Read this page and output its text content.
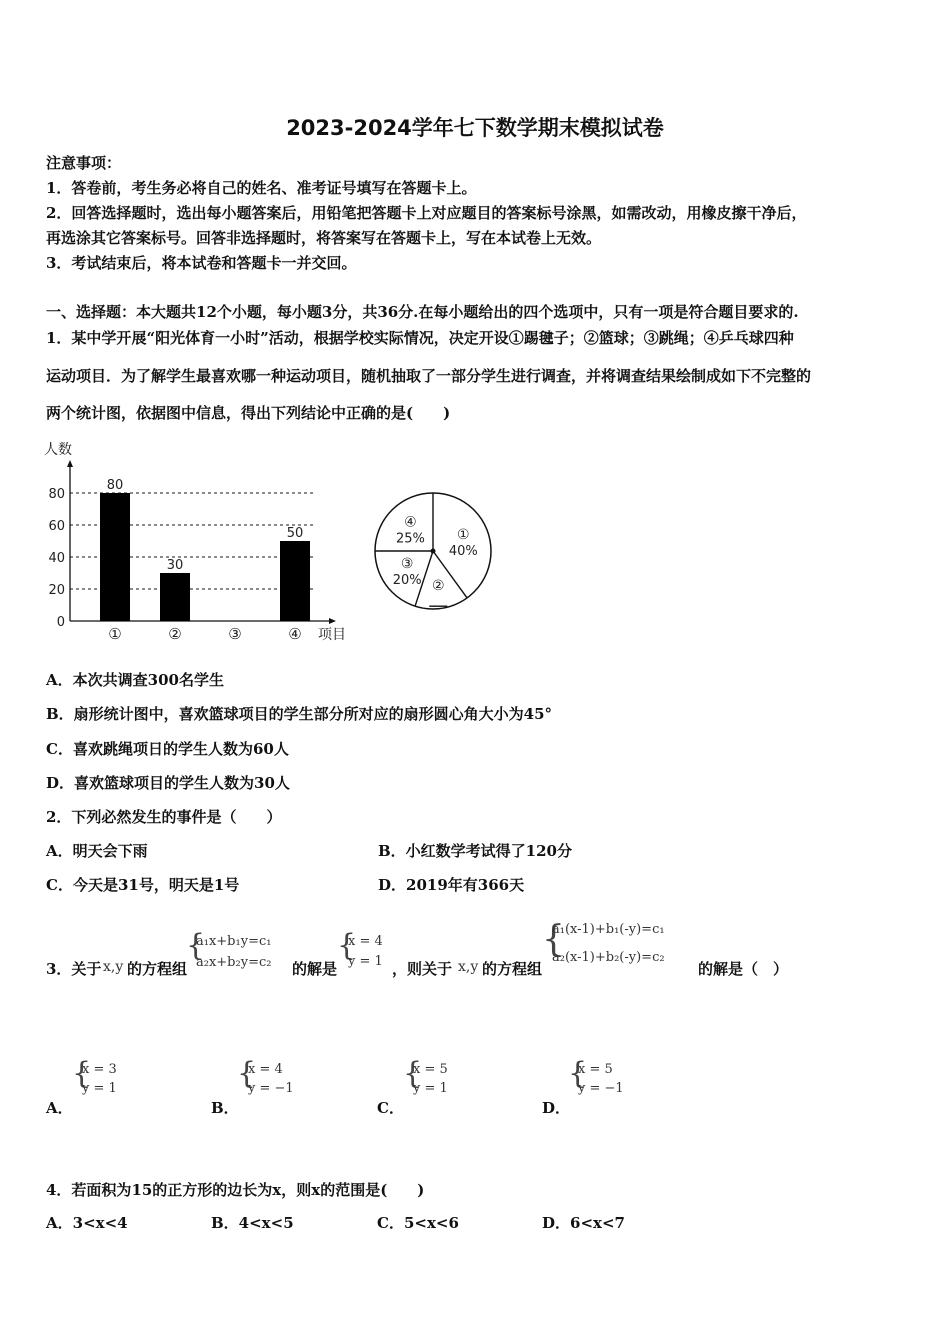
2023-2024学年七下数学期末模拟试卷
注意事项：
1．答卷前，考生务必将自己的姓名、准考证号填写在答题卡上。
2．回答选择题时，选出每小题答案后，用铅笔把答题卡上对应题目的答案标号涂黑，如需改动，用橡皮擦干净后，
再选涂其它答案标号。回答非选择题时，将答案写在答题卡上，写在本试卷上无效。
3．考试结束后，将本试卷和答题卡一并交回。
一、选择题：本大题共12个小题，每小题3分，共36分.在每小题给出的四个选项中，只有一项是符合题目要求的.
1．某中学开展“阳光体育一小时”活动，根据学校实际情况，决定开设①踢毽子；②篮球；③跳绳；④乒乓球四种
运动项目．为了解学生最喜欢哪一种运动项目，随机抽取了一部分学生进行调查，并将调查结果绘制成如下不完整的
两个统计图，依据图中信息，得出下列结论中正确的是(　　)
0
20
40
60
80
人数
项目
80
①
30
②	③
50
④
④
25% ①
40%
②
③
20%
A．本次共调查300名学生
B．扇形统计图中，喜欢篮球项目的学生部分所对应的扇形圆心角大小为45°
C．喜欢跳绳项日的学生人数为60人
D．喜欢篮球项目的学生人数为30人
2．下列必然发生的事件是（　　）
A．明天会下雨	B．小红数学考试得了120分
C．今天是31号，明天是1号	D．2019年有366天
3．关于 x,y 的方程组
{
a₁x+b₁y=c₁
a₂x+b₂y=c₂ 的解是
{
x = 4
y = 1 ，则关于 x,y 的方程组
{
a₁(x-1)+b₁(-y)=c₁
a₂(x-1)+b₂(-y)=c₂
的解是（　）
A．
{
x = 3
y = 1
B．
{
x = 4
y = −1
C．
{
x = 5
y = 1
D．
{
x = 5
y = −1
4．若面积为15的正方形的边长为x，则x的范围是(　　)
A．3<x<4	B．4<x<5	C．5<x<6	D．6<x<7
